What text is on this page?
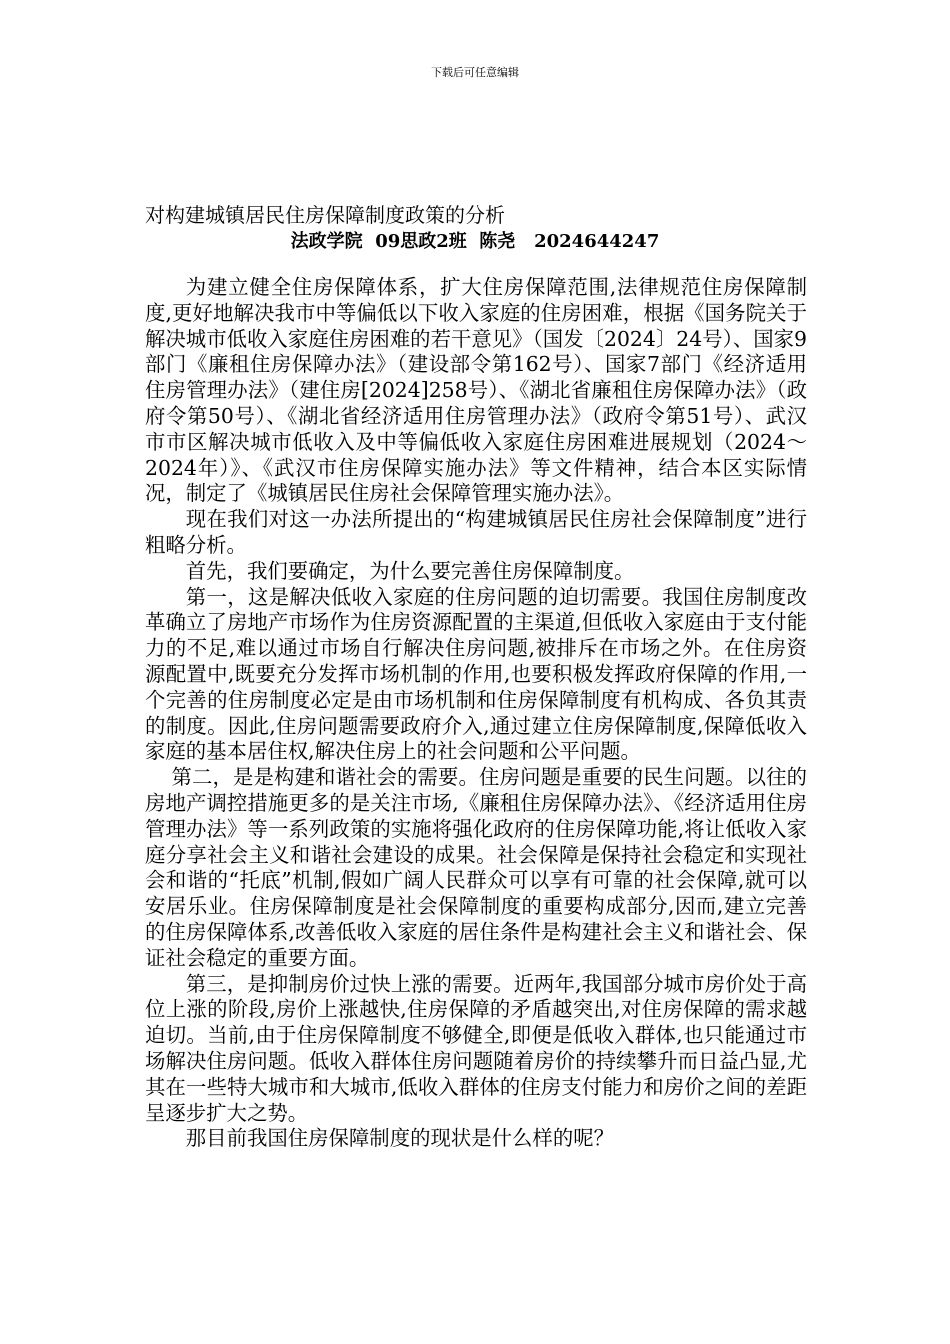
下载后可任意编辑
对构建城镇居民住房保障制度政策的分析
法政学院  09思政2班  陈尧   2024644247

为建立健全住房保障体系，扩大住房保障范围,法律规范住房保障制度,更好地解决我市中等偏低以下收入家庭的住房困难，根据《国务院关于解决城市低收入家庭住房困难的若干意见》（国发〔2024〕24号）、国家9部门《廉租住房保障办法》（建设部令第162号）、国家7部门《经济适用住房管理办法》（建住房[2024]258号）、《湖北省廉租住房保障办法》（政府令第50号）、《湖北省经济适用住房管理办法》（政府令第51号）、武汉市市区解决城市低收入及中等偏低收入家庭住房困难进展规划（2024～2024年）》、《武汉市住房保障实施办法》等文件精神，结合本区实际情况，制定了《城镇居民住房社会保障管理实施办法》。

现在我们对这一办法所提出的“构建城镇居民住房社会保障制度”进行粗略分析。

首先，我们要确定，为什么要完善住房保障制度。

第一，这是解决低收入家庭的住房问题的迫切需要。我国住房制度改革确立了房地产市场作为住房资源配置的主渠道,但低收入家庭由于支付能力的不足,难以通过市场自行解决住房问题,被排斥在市场之外。在住房资源配置中,既要充分发挥市场机制的作用,也要积极发挥政府保障的作用,一个完善的住房制度必定是由市场机制和住房保障制度有机构成、各负其责的制度。因此,住房问题需要政府介入,通过建立住房保障制度,保障低收入家庭的基本居住权,解决住房上的社会问题和公平问题。

第二，是是构建和谐社会的需要。住房问题是重要的民生问题。以往的房地产调控措施更多的是关注市场,《廉租住房保障办法》、《经济适用住房管理办法》等一系列政策的实施将强化政府的住房保障功能,将让低收入家庭分享社会主义和谐社会建设的成果。社会保障是保持社会稳定和实现社会和谐的“托底”机制,假如广阔人民群众可以享有可靠的社会保障,就可以安居乐业。住房保障制度是社会保障制度的重要构成部分,因而,建立完善的住房保障体系,改善低收入家庭的居住条件是构建社会主义和谐社会、保证社会稳定的重要方面。

第三，是抑制房价过快上涨的需要。近两年,我国部分城市房价处于高位上涨的阶段,房价上涨越快,住房保障的矛盾越突出,对住房保障的需求越迫切。当前,由于住房保障制度不够健全,即便是低收入群体,也只能通过市场解决住房问题。低收入群体住房问题随着房价的持续攀升而日益凸显,尤其在一些特大城市和大城市,低收入群体的住房支付能力和房价之间的差距呈逐步扩大之势。

那目前我国住房保障制度的现状是什么样的呢？
